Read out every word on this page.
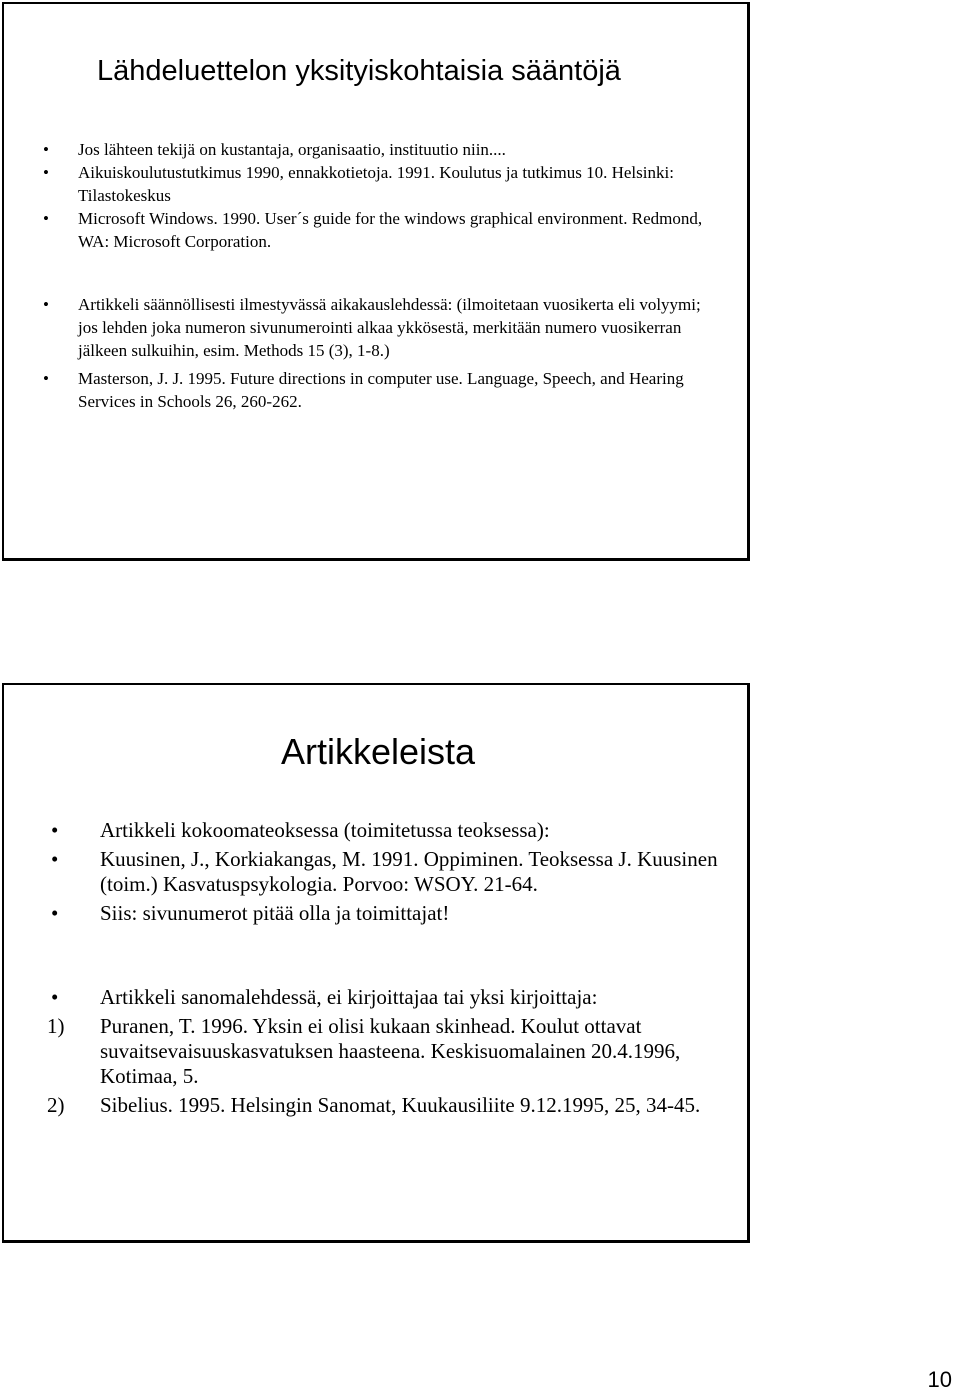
Lähdeluettelon yksityiskohtaisia sääntöjä
• Jos lähteen tekijä on kustantaja, organisaatio, instituutio niin....
• Aikuiskoulutustutkimus 1990, ennakkotietoja. 1991. Koulutus ja tutkimus 10. Helsinki: Tilastokeskus
• Microsoft Windows. 1990. User´s guide for the windows graphical environment. Redmond, WA: Microsoft Corporation.
• Artikkeli säännöllisesti ilmestyvässä aikakauslehdessä: (ilmoitetaan vuosikerta eli volyymi; jos lehden joka numeron sivunumerointi alkaa ykkösestä, merkitään numero vuosikerran jälkeen sulkuihin, esim. Methods 15 (3), 1-8.)
• Masterson, J. J. 1995. Future directions in computer use. Language, Speech, and Hearing Services in Schools 26, 260-262.
Artikkeleista
• Artikkeli kokoomateoksessa (toimitetussa teoksessa):
• Kuusinen, J., Korkiakangas, M. 1991. Oppiminen. Teoksessa J. Kuusinen (toim.) Kasvatuspsykologia. Porvoo: WSOY. 21-64.
• Siis: sivunumerot pitää olla ja toimittajat!
• Artikkeli sanomalehdessä, ei kirjoittajaa tai yksi kirjoittaja:
1) Puranen, T. 1996. Yksin ei olisi kukaan skinhead. Koulut ottavat suvaitsevaisuuskasvatuksen haasteena. Keskisuomalainen 20.4.1996, Kotimaa, 5.
2) Sibelius. 1995. Helsingin Sanomat, Kuukausiliite 9.12.1995, 25, 34-45.
10
